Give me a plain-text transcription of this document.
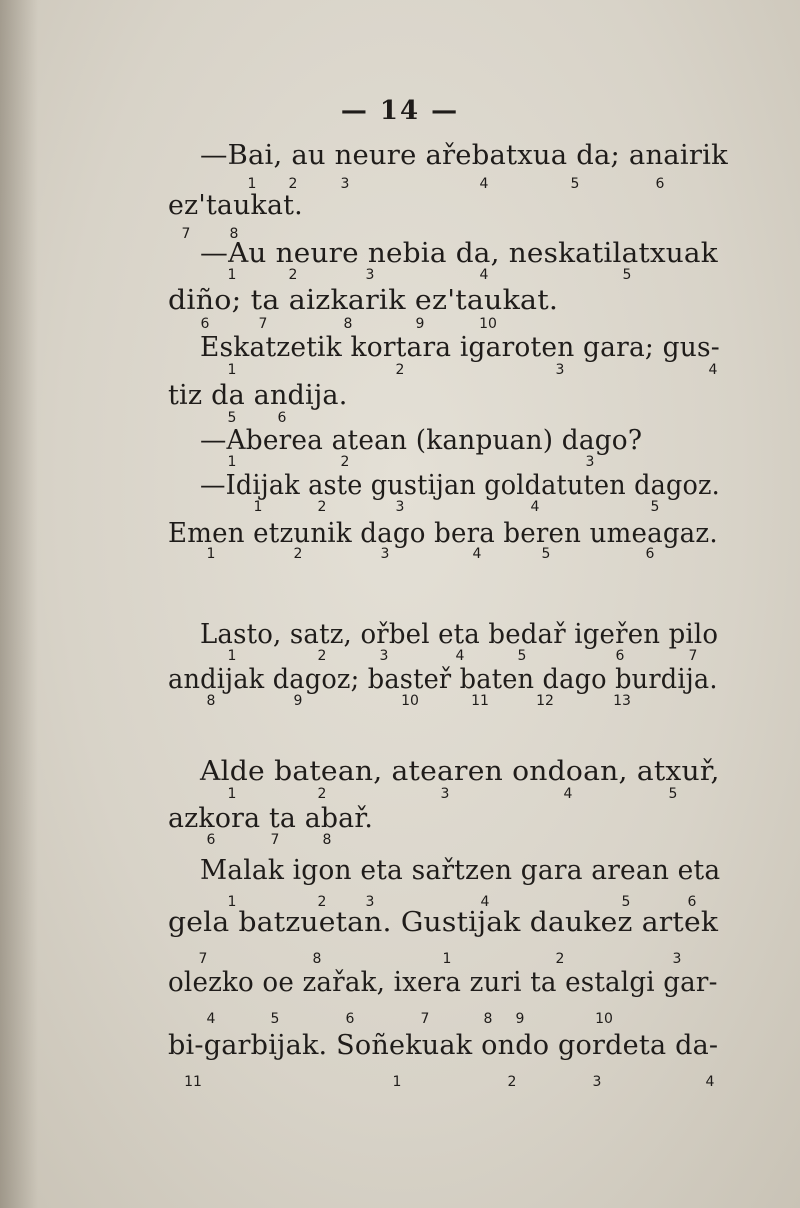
— 14 —
—Bai, au neure ařebatxua da; anairik
ez'taukat.
—Au neure nebia da, neskatilatxuak
diño; ta aizkarik ez'taukat.
Eskatzetik kortara igaroten gara; gus-
tiz da andija.
—Aberea atean (kanpuan) dago?
—Idijak aste gustijan goldatuten dagoz.
Emen etzunik dago bera beren umeagaz.
Lasto, satz, ořbel eta bedař igeřen pilo
andijak dagoz; basteř baten dago burdija.
Alde batean, atearen ondoan, atxuř,
azkora ta abař.
Malak igon eta sařtzen gara arean eta
gela batzuetan. Gustijak daukez artek
olezko oe zařak, ixera zuri ta estalgi gar-
bi-garbijak. Soñekuak ondo gordeta da-
1 2	3	4	5	6
7	8
1	2	3	4	5
6	7	8	9	10
1	2	3	4
5	6
1	2	3
1	2	3	4	5
1	2	3	4	5	6
1	2	3	4	5	6	7
8	9	10	11	12	13
1	2	3	4	5
6	7	8
1	2	3	4	5	6
7	8	1	2	3
4	5	6	7	8 9	10
11	1	2	3	4
